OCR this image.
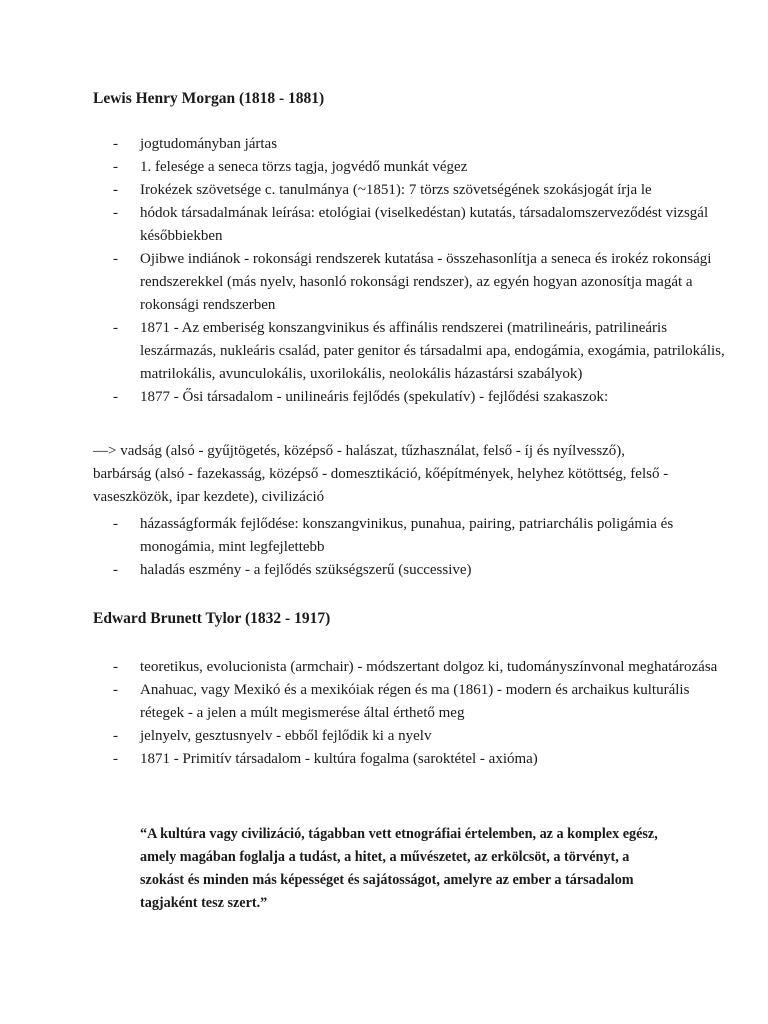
Lewis Henry Morgan (1818 - 1881)
- jogtudományban jártas
- 1. felesége a seneca törzs tagja, jogvédő munkát végez
- Irokézek szövetsége c. tanulmánya (~1851): 7 törzs szövetségének szokásjogát írja le
- hódok társadalmának leírása: etológiai (viselkedéstan) kutatás, társadalomszerveződést vizsgál későbbiekben
- Ojibwe indiánok - rokonsági rendszerek kutatása - összehasonlítja a seneca és irokéz rokonsági rendszerekkel (más nyelv, hasonló rokonsági rendszer), az egyén hogyan azonosítja magát a rokonsági rendszerben
- 1871 - Az emberiség konszangvinikus és affinális rendszerei (matrilineáris, patrilineáris leszármazás, nukleáris család, pater genitor és társadalmi apa, endogámia, exogámia, patrilokális, matrilokális, avunculokális, uxorilokális, neolokális házastársi szabályok)
- 1877 - Ősi társadalom - unilineáris fejlődés (spekulatív) - fejlődési szakaszok:
—> vadság (alsó - gyűjtögetés, középső - halászat, tűzhasználat, felső - íj és nyílvessző), barbárság (alsó - fazekasság, középső - domesztikáció, kőépítmények, helyhez kötöttség, felső - vaseszközök, ipar kezdete), civilizáció
- házasságformák fejlődése: konszangvinikus, punahua, pairing, patriarchális poligámia és monogámia, mint legfejlettebb
- haladás eszmény - a fejlődés szükségszerű (successive)
Edward Brunett Tylor (1832 - 1917)
- teoretikus, evolucionista (armchair) - módszertant dolgoz ki, tudományszínvonal meghatározása
- Anahuac, vagy Mexikó és a mexikóiak régen és ma (1861) - modern és archaikus kulturális rétegek - a jelen a múlt megismerése által érthető meg
- jelnyelv, gesztusnyelv - ebből fejlődik ki a nyelv
- 1871 - Primitív társadalom - kultúra fogalma (saroktétel - axióma)
“A kultúra vagy civilizáció, tágabban vett etnográfiai értelemben, az a komplex egész, amely magában foglalja a tudást, a hitet, a művészetet, az erkölcsöt, a törvényt, a szokást és minden más képességet és sajátosságot, amelyre az ember a társadalom tagjaként tesz szert.”
